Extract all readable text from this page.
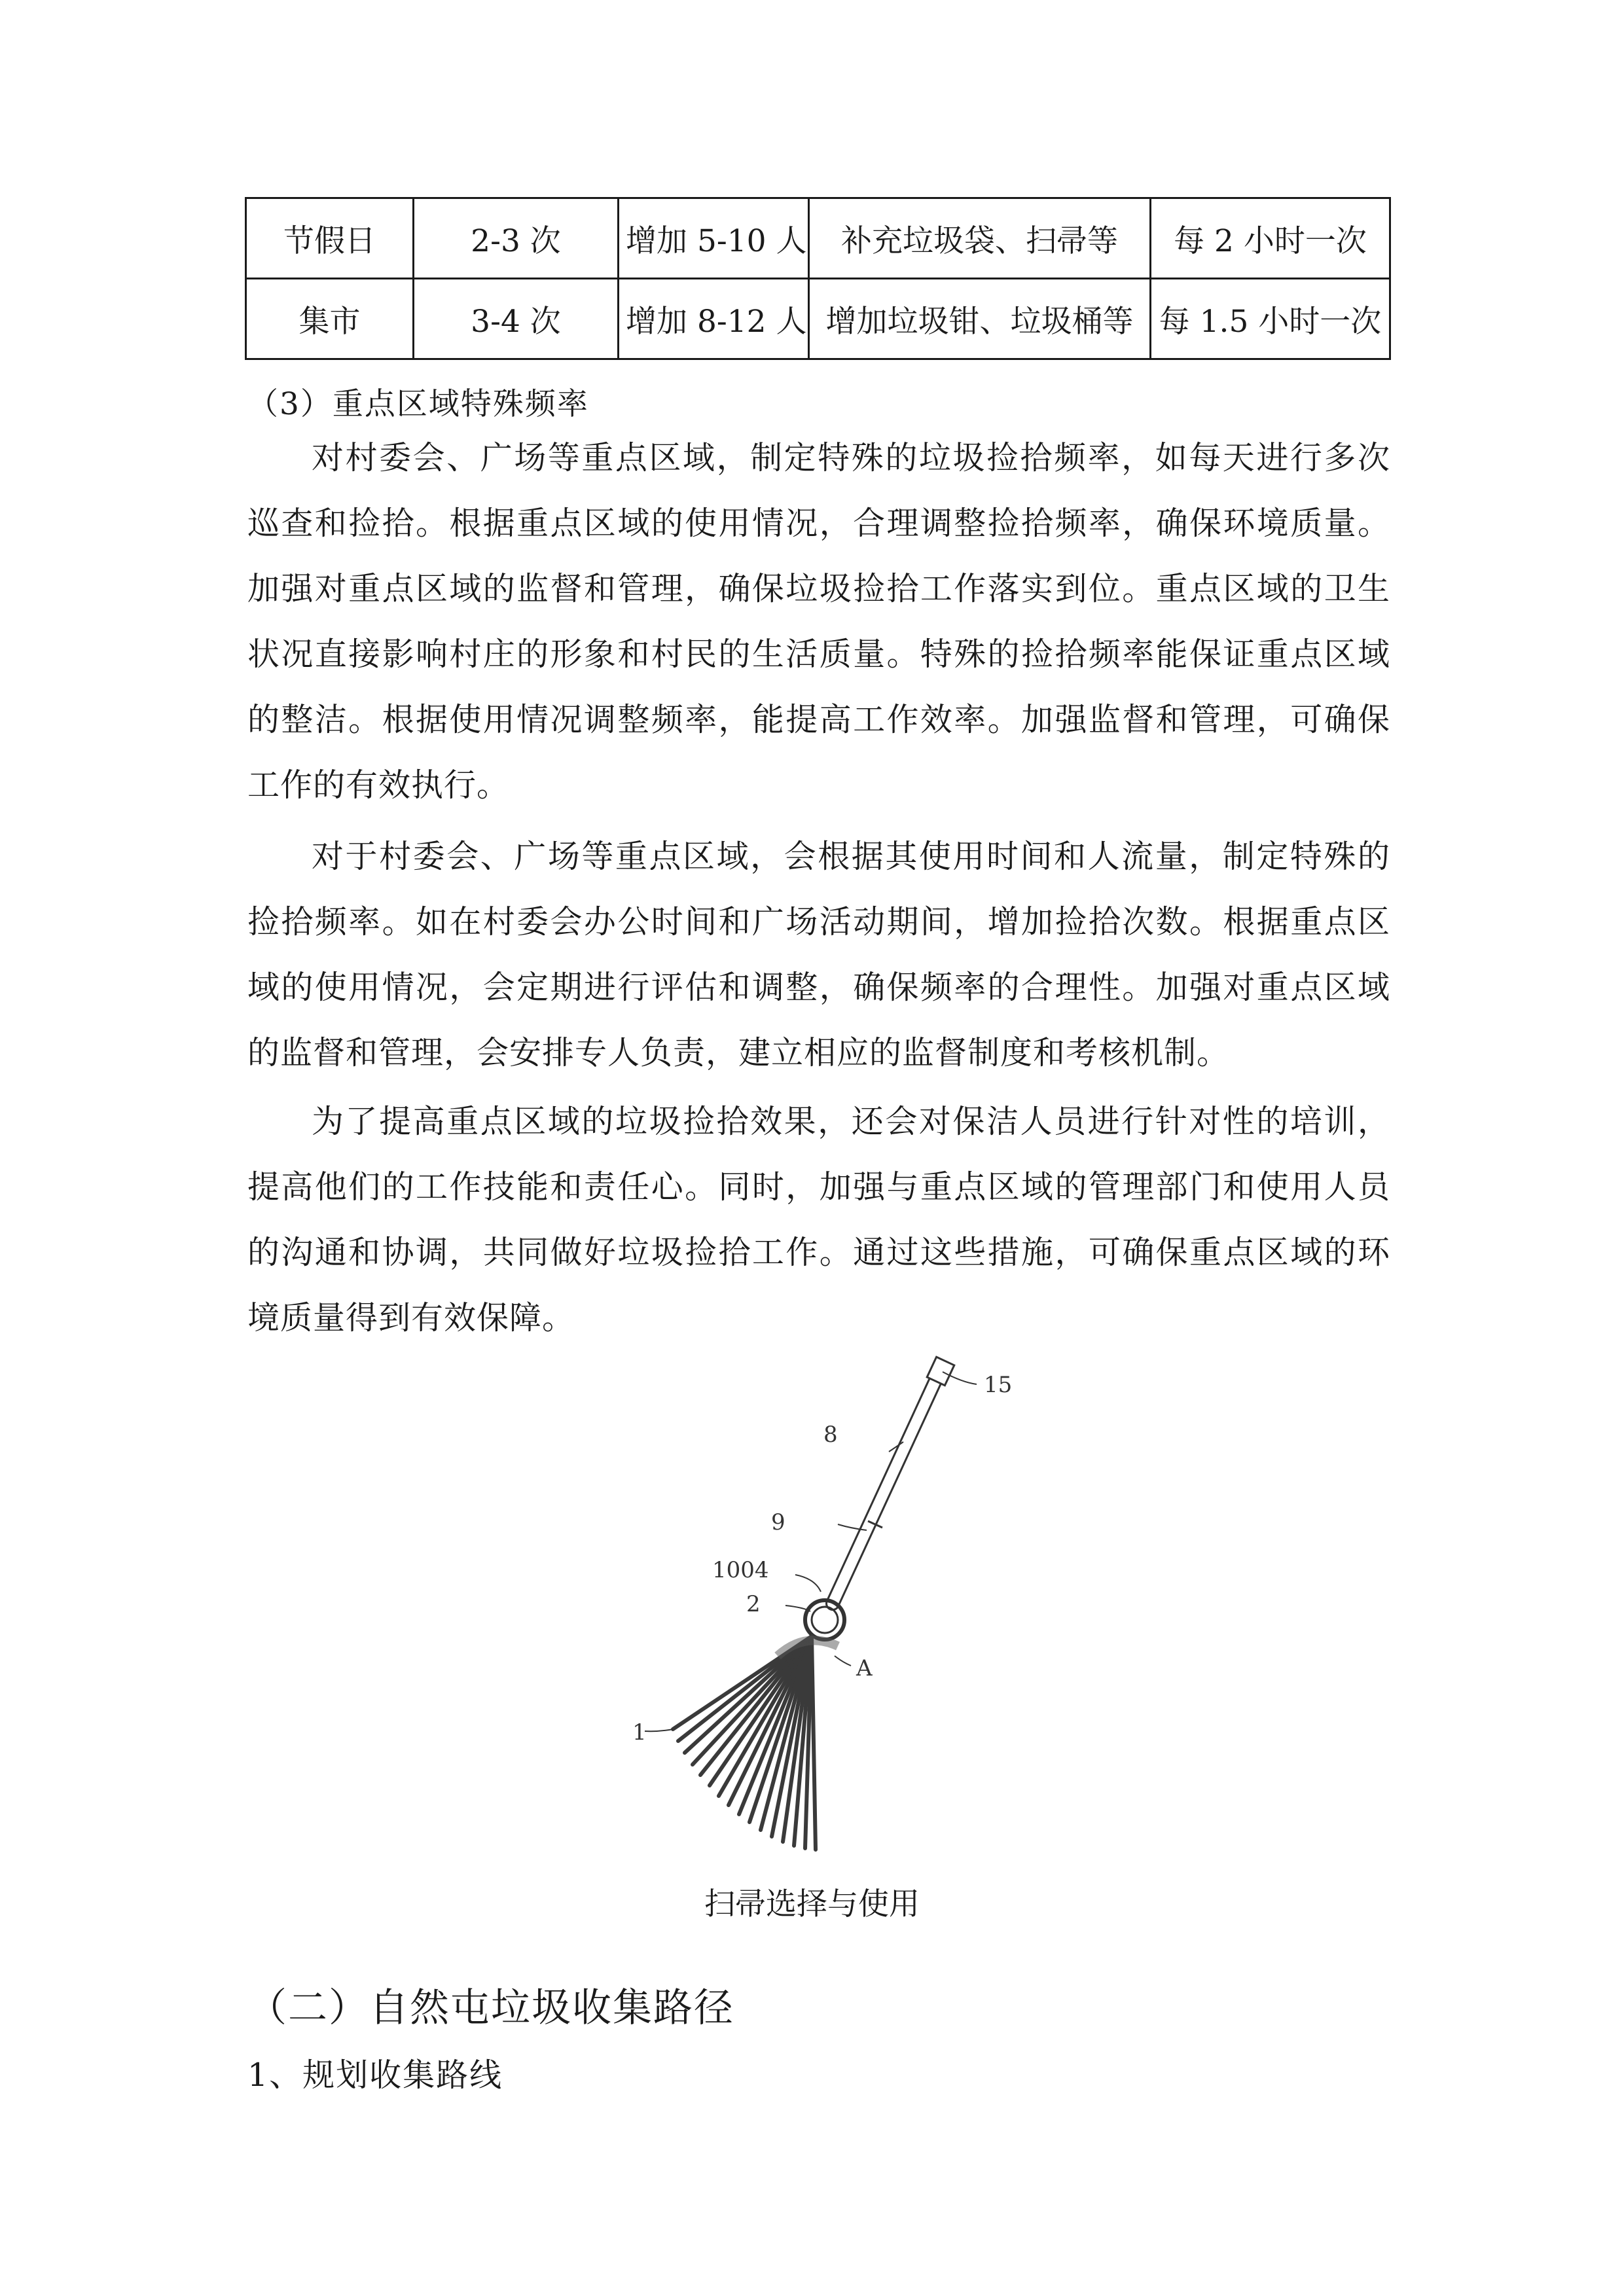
节假日	2-3 次	增加 5-10 人	补充垃圾袋、扫帚等	每 2 小时一次
集市	3-4 次	增加 8-12 人	增加垃圾钳、垃圾桶等	每 1.5 小时一次
（3）重点区域特殊频率

对村委会、广场等重点区域，制定特殊的垃圾捡拾频率，如每天进行多次巡查和捡拾。根据重点区域的使用情况，合理调整捡拾频率，确保环境质量。加强对重点区域的监督和管理，确保垃圾捡拾工作落实到位。重点区域的卫生状况直接影响村庄的形象和村民的生活质量。特殊的捡拾频率能保证重点区域的整洁。根据使用情况调整频率，能提高工作效率。加强监督和管理，可确保工作的有效执行。

对于村委会、广场等重点区域，会根据其使用时间和人流量，制定特殊的捡拾频率。如在村委会办公时间和广场活动期间，增加捡拾次数。根据重点区域的使用情况，会定期进行评估和调整，确保频率的合理性。加强对重点区域的监督和管理，会安排专人负责，建立相应的监督制度和考核机制。

为了提高重点区域的垃圾捡拾效果，还会对保洁人员进行针对性的培训，提高他们的工作技能和责任心。同时，加强与重点区域的管理部门和使用人员的沟通和协调，共同做好垃圾捡拾工作。通过这些措施，可确保重点区域的环境质量得到有效保障。

15
8
9
1004
2
1
A
扫帚选择与使用
（二）自然屯垃圾收集路径
1、规划收集路线
